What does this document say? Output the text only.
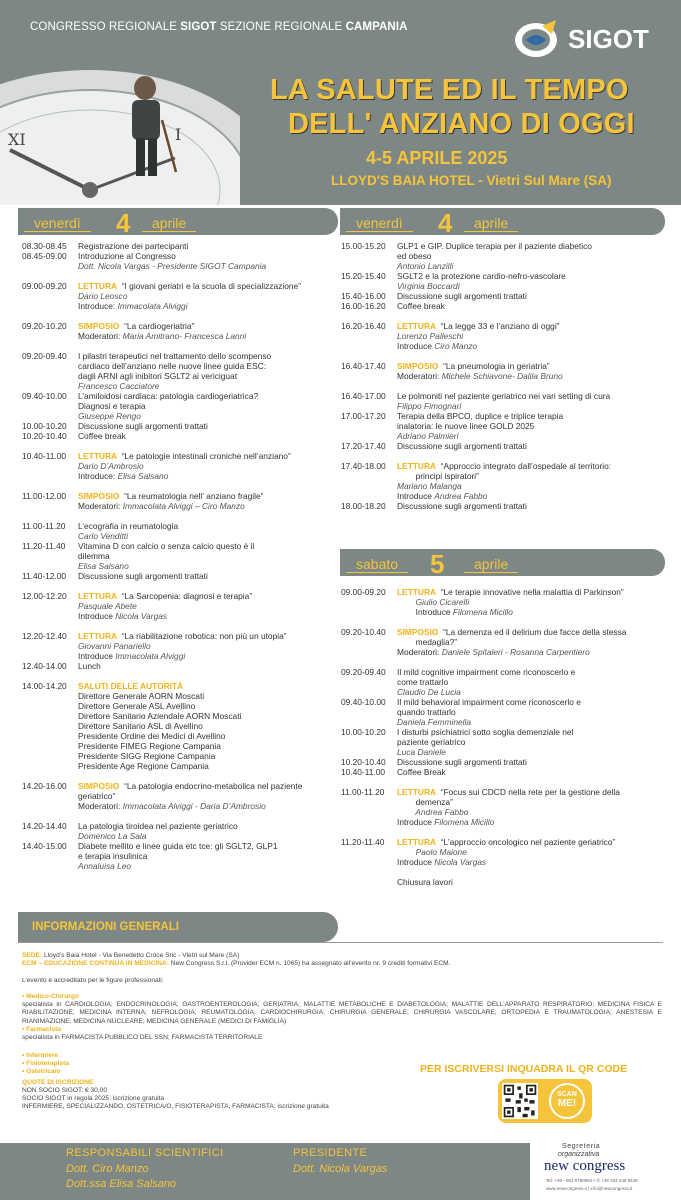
XI	I
CONGRESSO REGIONALE SIGOT SEZIONE REGIONALE CAMPANIA	SIGOT
LA SALUTE ED IL TEMPO
DELL' ANZIANO DI OGGI
4-5 APRILE 2025
LLOYD'S BAIA HOTEL - Vietri Sul Mare (SA)
venerdì	4	aprile	venerdì	4	aprile
sabato	5	aprile
08.30-08.45	Registrazione dei partecipanti
08.45-09.00	Introduzione al Congresso
Dott. Nicola Vargas - Presidente SIGOT Campania
09.00-09.20	LETTURA “I giovani geriatri e la scuola di specializzazione”
Dario Leosco
Introduce: Immacolata Alviggi
09.20-10.20	SIMPOSIO “La cardiogeriatria”
Moderatori: Maria Amitrano- Francesca Lanni
09.20-09.40	I pilastri terapeutici nel trattamento dello scompenso
cardiaco dell’anziano nelle nuove linee guida ESC:
dagli ARNI agli inibitori SGLT2 ai vericiguat
Francesco Cacciatore
09.40-10.00	L’amiloidosi cardiaca: patologia cardiogeriatrica?
Diagnosi e terapia
Giuseppe Rengo
10.00-10.20	Discussione sugli argomenti trattati
10.20-10.40	Coffee break
10.40-11.00	LETTURA “Le patologie intestinali croniche nell’anziano”
Dario D’Ambrosio
Introduce: Elisa Salsano
11.00-12.00	SIMPOSIO “La reumatologia nell’ anziano fragile”
Moderatori: Immacolata Alviggi – Ciro Manzo
11.00-11.20	L’ecografia in reumatologia
Carlo Venditti
11.20-11.40	Vitamina D con calcio o senza calcio questo è il
dilemma
Elisa Salsano
11.40-12.00	Discussione sugli argomenti trattati
12.00-12.20	LETTURA “La Sarcopenia: diagnosi e terapia”
Pasquale Abete
Introduce Nicola Vargas
12.20-12.40	LETTURA “La riabilitazione robotica: non più un utopia”
Giovanni Panariello
Introduce Immacolata Alviggi
12.40-14.00	Lunch
14.00-14.20	SALUTI DELLE AUTORITÀ
Direttore Generale AORN Moscati
Direttore Generale ASL Avellino
Direttore Sanitario Aziendale AORN Moscati
Direttore Sanitario ASL di Avellino
Presidente Ordine dei Medici di Avellino
Presidente FIMEG Regione Campania
Presidente SIGG Regione Campania
Presidente Age Regione Campania
14.20-16.00	SIMPOSIO “La patologia endocrino-metabolica nel paziente
geriatrico”
Moderatori: Immacolata Alviggi - Daria D’Ambrosio
14.20-14.40	La patologia tiroidea nel paziente geriatrico
Domenico La Sala
14.40-15.00	Diabete mellito e linee guida etc tce: gli SGLT2, GLP1
e terapia insulinica
Annaluisa Leo
15.00-15.20	GLP1 e GIP. Duplice terapia per il paziente diabetico
ed obeso
Antonio Lanzilli
15.20-15.40	SGLT2 e la protezione cardio-nefro-vascolare
Virginia Boccardi
15.40-16.00	Discussione sugli argomenti trattati
16.00-16.20	Coffee break
16.20-16.40	LETTURA “La legge 33 e l’anziano di oggi”
Lorenzo Palleschi
Introduce Ciro Manzo
16.40-17.40	SIMPOSIO “La pneumologia in geriatria”
Moderatori: Michele Schiavone- Dalila Bruno
16.40-17.00	Le polmoniti nel paziente geriatrico nei vari setting di cura
Filippo Fimognari
17.00-17.20	Terapia della BPCO, duplice e triplice terapia
inalatoria: le nuove linee GOLD 2025
Adriano Palmieri
17.20-17.40	Discussione sugli argomenti trattati
17.40-18.00	LETTURA “Approccio integrato dall’ospedale al territorio:
principi ispiratori”
Mariano Malanga
Introduce Andrea Fabbo
18.00-18.20	Discussione sugli argomenti trattati
09.00-09.20	LETTURA “Le terapie innovative nella malattia di Parkinson”
Giulio Cicarelli
Introduce Filomena Micillo
09.20-10.40	SIMPOSIO “La demenza ed il delirium due facce della stessa
medaglia?”
Moderatori: Daniele Spitaleri - Rosanna Carpentiero
09.20-09.40	Il mild cognitive impairment come riconoscerlo e
come trattarlo
Claudio De Lucia
09.40-10.00	Il mild behavioral impairment come riconoscerlo e
quando trattarlo
Daniela Femminella
10.00-10.20	I disturbi psichiatrici sotto soglia demenziale nel
paziente geriatrico
Luca Daniele
10.20-10.40	Discussione sugli argomenti trattati
10.40-11.00	Coffee Break
11.00-11.20	LETTURA “Focus sui CDCD nella rete per la gestione della
demenza”
Andrea Fabbo
Introduce Filomena Micillo
11.20-11.40	LETTURA “L’approccio oncologico nel paziente geriatrico”
Paolo Maione
Introduce Nicola Vargas
Chiusura lavori
INFORMAZIONI GENERALI
SEDE: Lloyd’s Baia Hotel - Via Benedetto Croce Snc - Vietri sul Mare (SA)
ECM – EDUCAZIONE CONTINUA IN MEDICINA: New Congress S.r.l. (Provider ECM n. 1065) ha assegnato all’evento nr. 9 crediti formativi ECM.
L’evento è accreditato per le figure professionali:
• Medico-Chirurgo
specialista in CARDIOLOGIA; ENDOCRINOLOGIA; GASTROENTEROLOGIA; GERIATRIA; MALATTIE METABOLICHE E DIABETOLOGIA; MALATTIE DELL’APPARATO RESPIRATORIO; MEDICINA FISICA E RIABILITAZIONE; MEDICINA INTERNA; NEFROLOGIA; REUMATOLOGIA; CARDIOCHIRURGIA; CHIRURGIA GENERALE; CHIRURGIA VASCOLARE; ORTOPEDIA E TRAUMATOLOGIA; ANESTESIA E RIANIMAZIONE; MEDICINA NUCLEARE; MEDICINA GENERALE (MEDICI DI FAMIGLIA)
• Farmacista
specialista in FARMACISTA PUBBLICO DEL SSN; FARMACISTA TERRITORIALE
• Infermiere
• Fisioterapista
• Ostetrica/o
QUOTE DI ISCRIZIONE
NON SOCIO SIGOT: € 30,00
SOCIO SIGOT in regola 2025: iscrizione gratuita
INFERMIERE, SPECIALIZZANDO, OSTETRICA/O, FISIOTERAPISTA, FARMACISTA: iscrizione gratuita
PER ISCRIVERSI INQUADRA IL QR CODE
SCAN
ME!
RESPONSABILI SCIENTIFICI
Dott. Ciro Manzo
Dott.ssa Elisa Salsano
PRESIDENTE
Dott. Nicola Vargas
Segreteria
organizzativa
new congress
Tel. +39 - 081 8780864 • ✆ +39 334 249 9449
www.newcongress.it | info@newcongress.it
